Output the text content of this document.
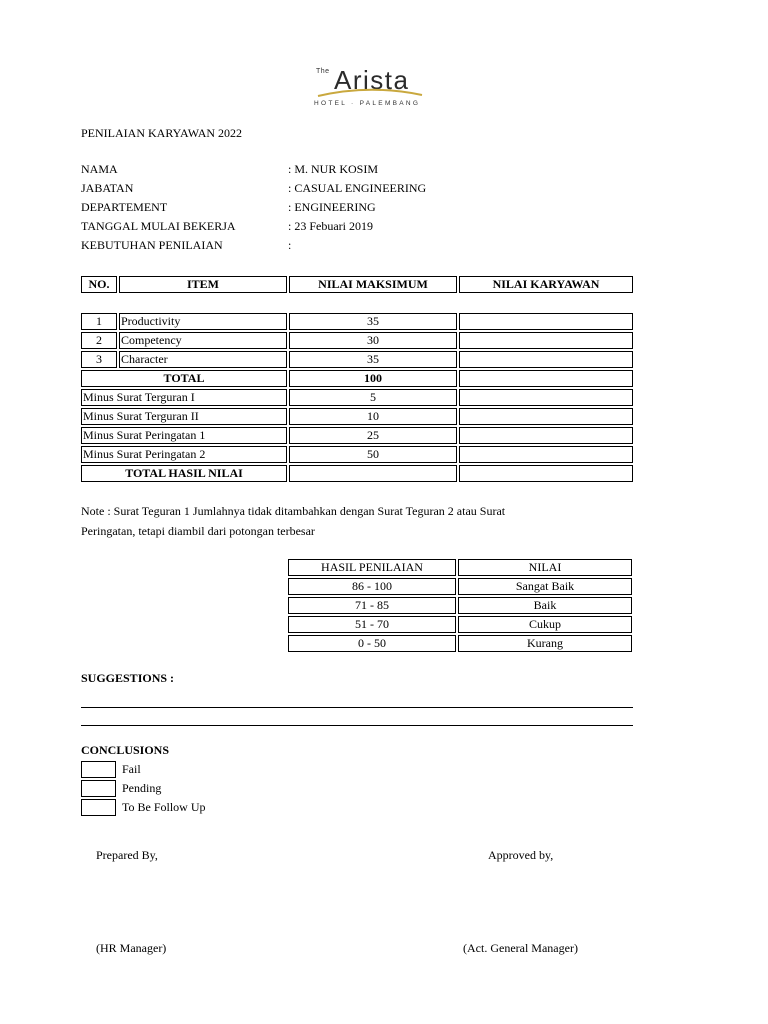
The Arista
HOTEL · PALEMBANG
PENILAIAN KARYAWAN 2022
NAMA	: M. NUR KOSIM
JABATAN	: CASUAL ENGINEERING
DEPARTEMENT	: ENGINEERING
TANGGAL MULAI BEKERJA	: 23 Febuari 2019
KEBUTUHAN PENILAIAN	:
NO.	ITEM	NILAI MAKSIMUM	NILAI KARYAWAN
1	Productivity	35	
2	Competency	30	
3	Character	35	
TOTAL		100	
Minus Surat Terguran I		5	
Minus Surat Terguran II		10	
Minus Surat Peringatan 1		25	
Minus Surat Peringatan 2		50	
TOTAL HASIL NILAI			
Note : Surat Teguran 1 Jumlahnya tidak ditambahkan dengan Surat Teguran 2 atau Surat
Peringatan, tetapi diambil dari potongan terbesar
HASIL PENILAIAN	NILAI
86 - 100	Sangat Baik
71 - 85	Baik
51 - 70	Cukup
0 - 50	Kurang
SUGGESTIONS :
CONCLUSIONS
Fail
Pending
To Be Follow Up
Prepared By,	Approved by,
(HR Manager)	(Act. General Manager)
